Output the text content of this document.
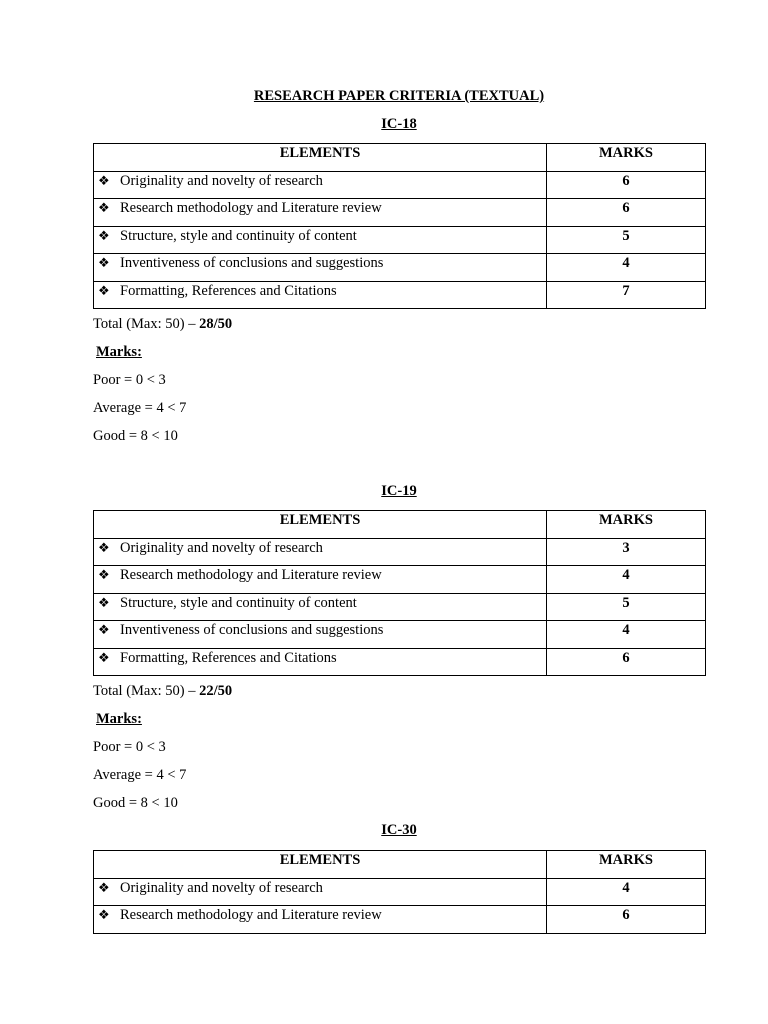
RESEARCH PAPER CRITERIA (TEXTUAL)
IC-18
ELEMENTS	MARKS
❖ Originality and novelty of research	6
❖ Research methodology and Literature review	6
❖ Structure, style and continuity of content	5
❖ Inventiveness of conclusions and suggestions	4
❖ Formatting, References and Citations	7
Total (Max: 50) – 28/50
Marks:
Poor = 0 < 3
Average = 4 < 7
Good = 8 < 10
IC-19
ELEMENTS	MARKS
❖ Originality and novelty of research	3
❖ Research methodology and Literature review	4
❖ Structure, style and continuity of content	5
❖ Inventiveness of conclusions and suggestions	4
❖ Formatting, References and Citations	6
Total (Max: 50) – 22/50
Marks:
Poor = 0 < 3
Average = 4 < 7
Good = 8 < 10
IC-30
ELEMENTS	MARKS
❖ Originality and novelty of research	4
❖ Research methodology and Literature review	6
